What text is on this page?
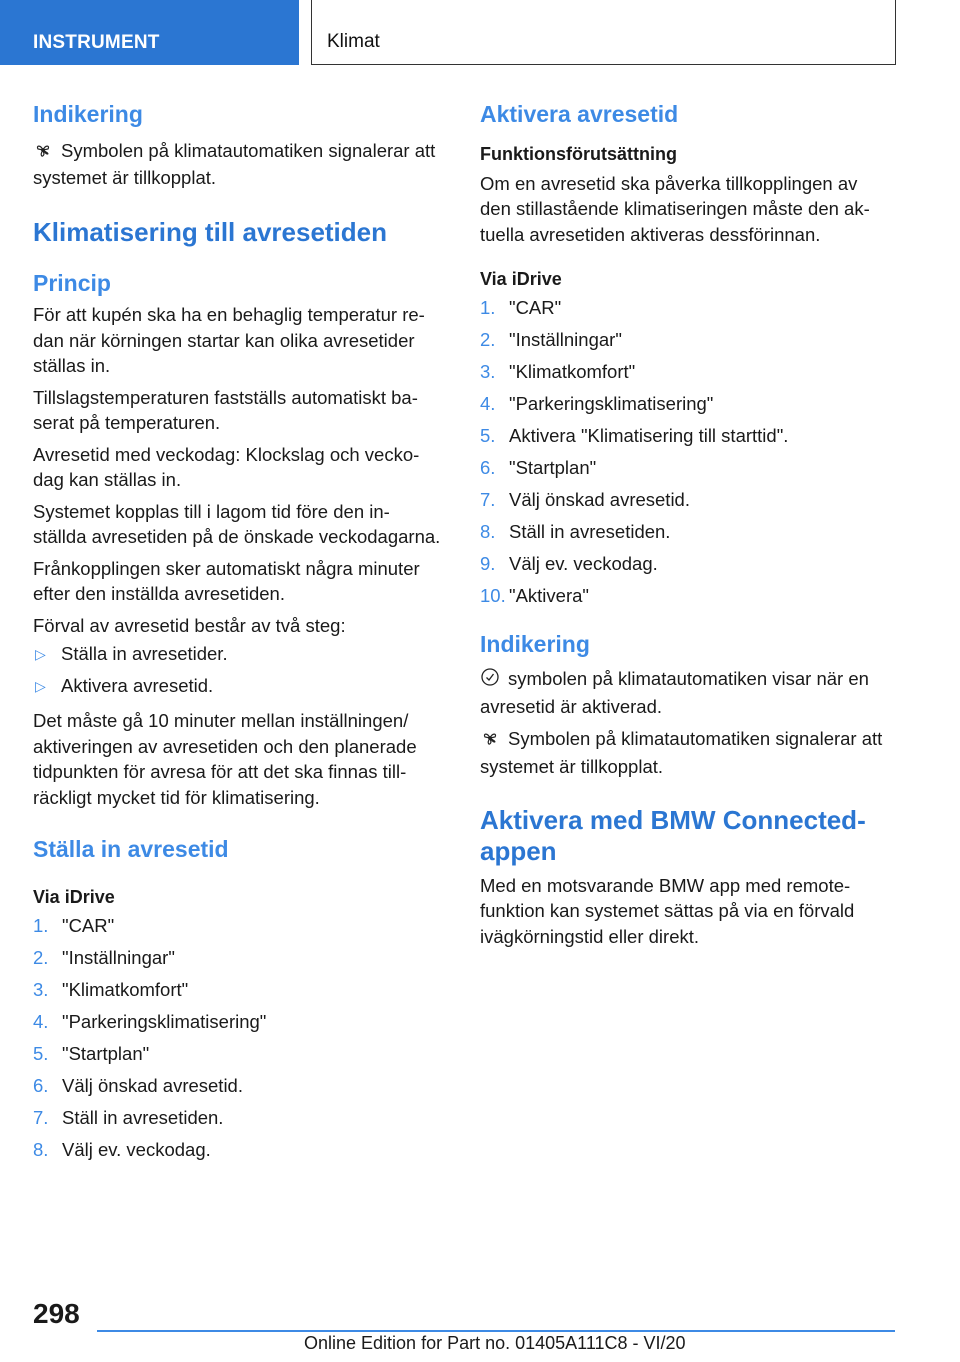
INSTRUMENT	Klimat
Indikering

Symbolen på klimatautomatiken signalerar att
systemet är tillkopplat.

Klimatisering till avresetiden
Princip

För att kupén ska ha en behaglig temperatur re-
dan när körningen startar kan olika avresetider
ställas in.

Tillslagstemperaturen fastställs automatiskt ba-
serat på temperaturen.

Avresetid med veckodag: Klockslag och vecko-
dag kan ställas in.

Systemet kopplas till i lagom tid före den in-
ställda avresetiden på de önskade veckodagarna.

Frånkopplingen sker automatiskt några minuter
efter den inställda avresetiden.

Förval av avresetid består av två steg:

▷ Ställa in avresetider.
▷ Aktivera avresetid.

Det måste gå 10 minuter mellan inställningen/
aktiveringen av avresetiden och den planerade
tidpunkten för avresa för att det ska finnas till-
räckligt mycket tid för klimatisering.

Ställa in avresetid
Via iDrive
1. "CAR"
2. "Inställningar"
3. "Klimatkomfort"
4. "Parkeringsklimatisering"
5. "Startplan"
6. Välj önskad avresetid.
7. Ställ in avresetiden.
8. Välj ev. veckodag.
Aktivera avresetid
Funktionsförutsättning

Om en avresetid ska påverka tillkopplingen av
den stillastående klimatiseringen måste den ak-
tuella avresetiden aktiveras dessförinnan.

Via iDrive
1. "CAR"
2. "Inställningar"
3. "Klimatkomfort"
4. "Parkeringsklimatisering"
5. Aktivera "Klimatisering till starttid".
6. "Startplan"
7. Välj önskad avresetid.
8. Ställ in avresetiden.
9. Välj ev. veckodag.
10. "Aktivera"
Indikering

symbolen på klimatautomatiken visar när en
avresetid är aktiverad.

Symbolen på klimatautomatiken signalerar att
systemet är tillkopplat.

Aktivera med BMW Connected-
appen

Med en motsvarande BMW app med remote-
funktion kan systemet sättas på via en förvald
ivägkörningstid eller direkt.

298
Online Edition for Part no. 01405A111C8 - VI/20
